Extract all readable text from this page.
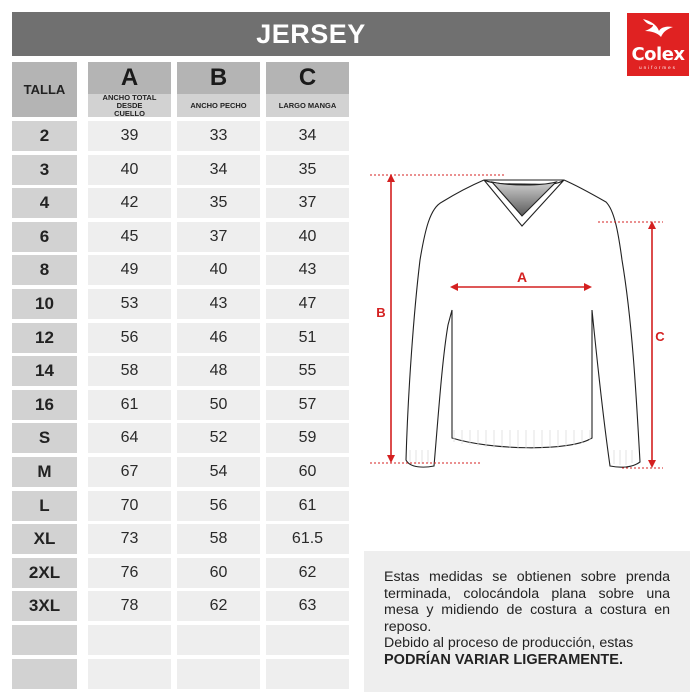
JERSEY
Colex
uniformes
TALLA	A	B	C
ANCHO TOTAL DESDE CUELLO
ANCHO PECHO	LARGO MANGA
2	39	33	34
3	40	34	35
4	42	35	37
6	45	37	40
8	49	40	43
10	53	43	47
12	56	46	51
14	58	48	55
16	61	50	57
S	64	52	59
M	67	54	60
L	70	56	61
XL	73	58	61.5
2XL	76	60	62
3XL	78	62	63
A
B
C
Estas medidas se obtienen sobre prenda terminada, colocándola plana sobre una mesa y midiendo de costura a costura en reposo.
Debido al proceso de producción, estas
PODRÍAN VARIAR LIGERAMENTE.
